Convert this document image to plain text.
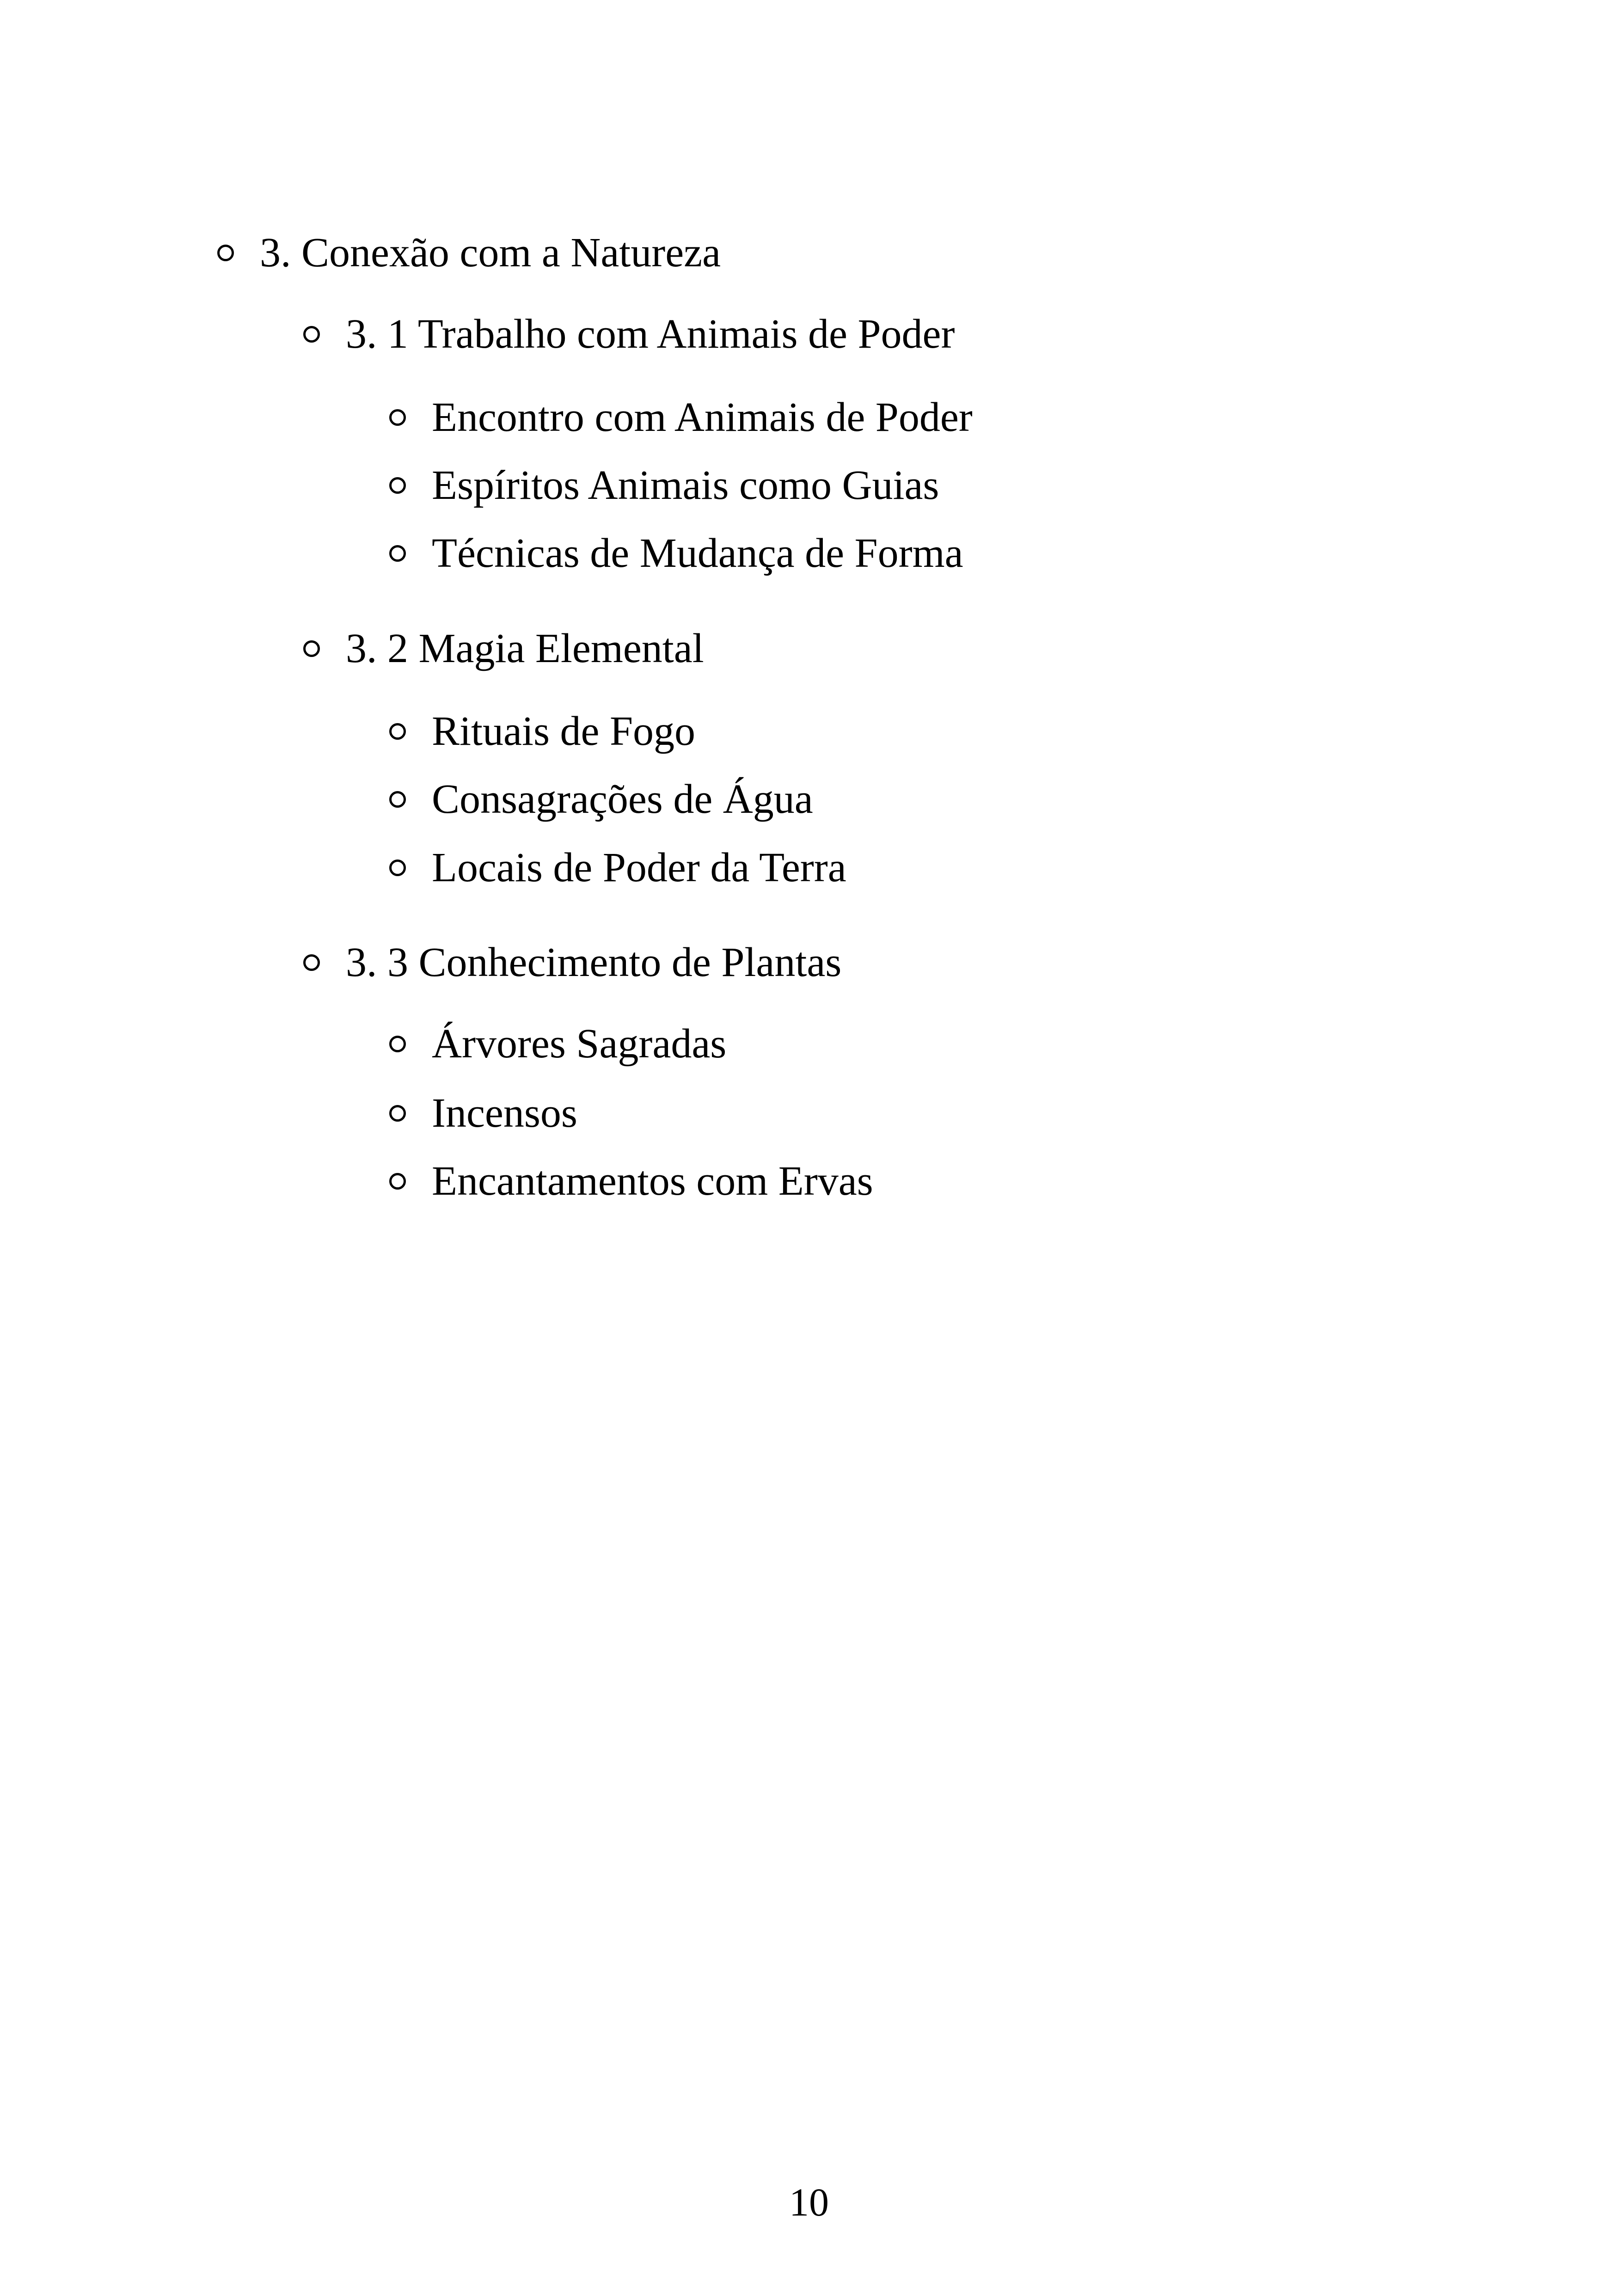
3. Conexão com a Natureza
3. 1 Trabalho com Animais de Poder
Encontro com Animais de Poder
Espíritos Animais como Guias
Técnicas de Mudança de Forma
3. 2 Magia Elemental
Rituais de Fogo
Consagrações de Água
Locais de Poder da Terra
3. 3 Conhecimento de Plantas
Árvores Sagradas
Incensos
Encantamentos com Ervas
10
